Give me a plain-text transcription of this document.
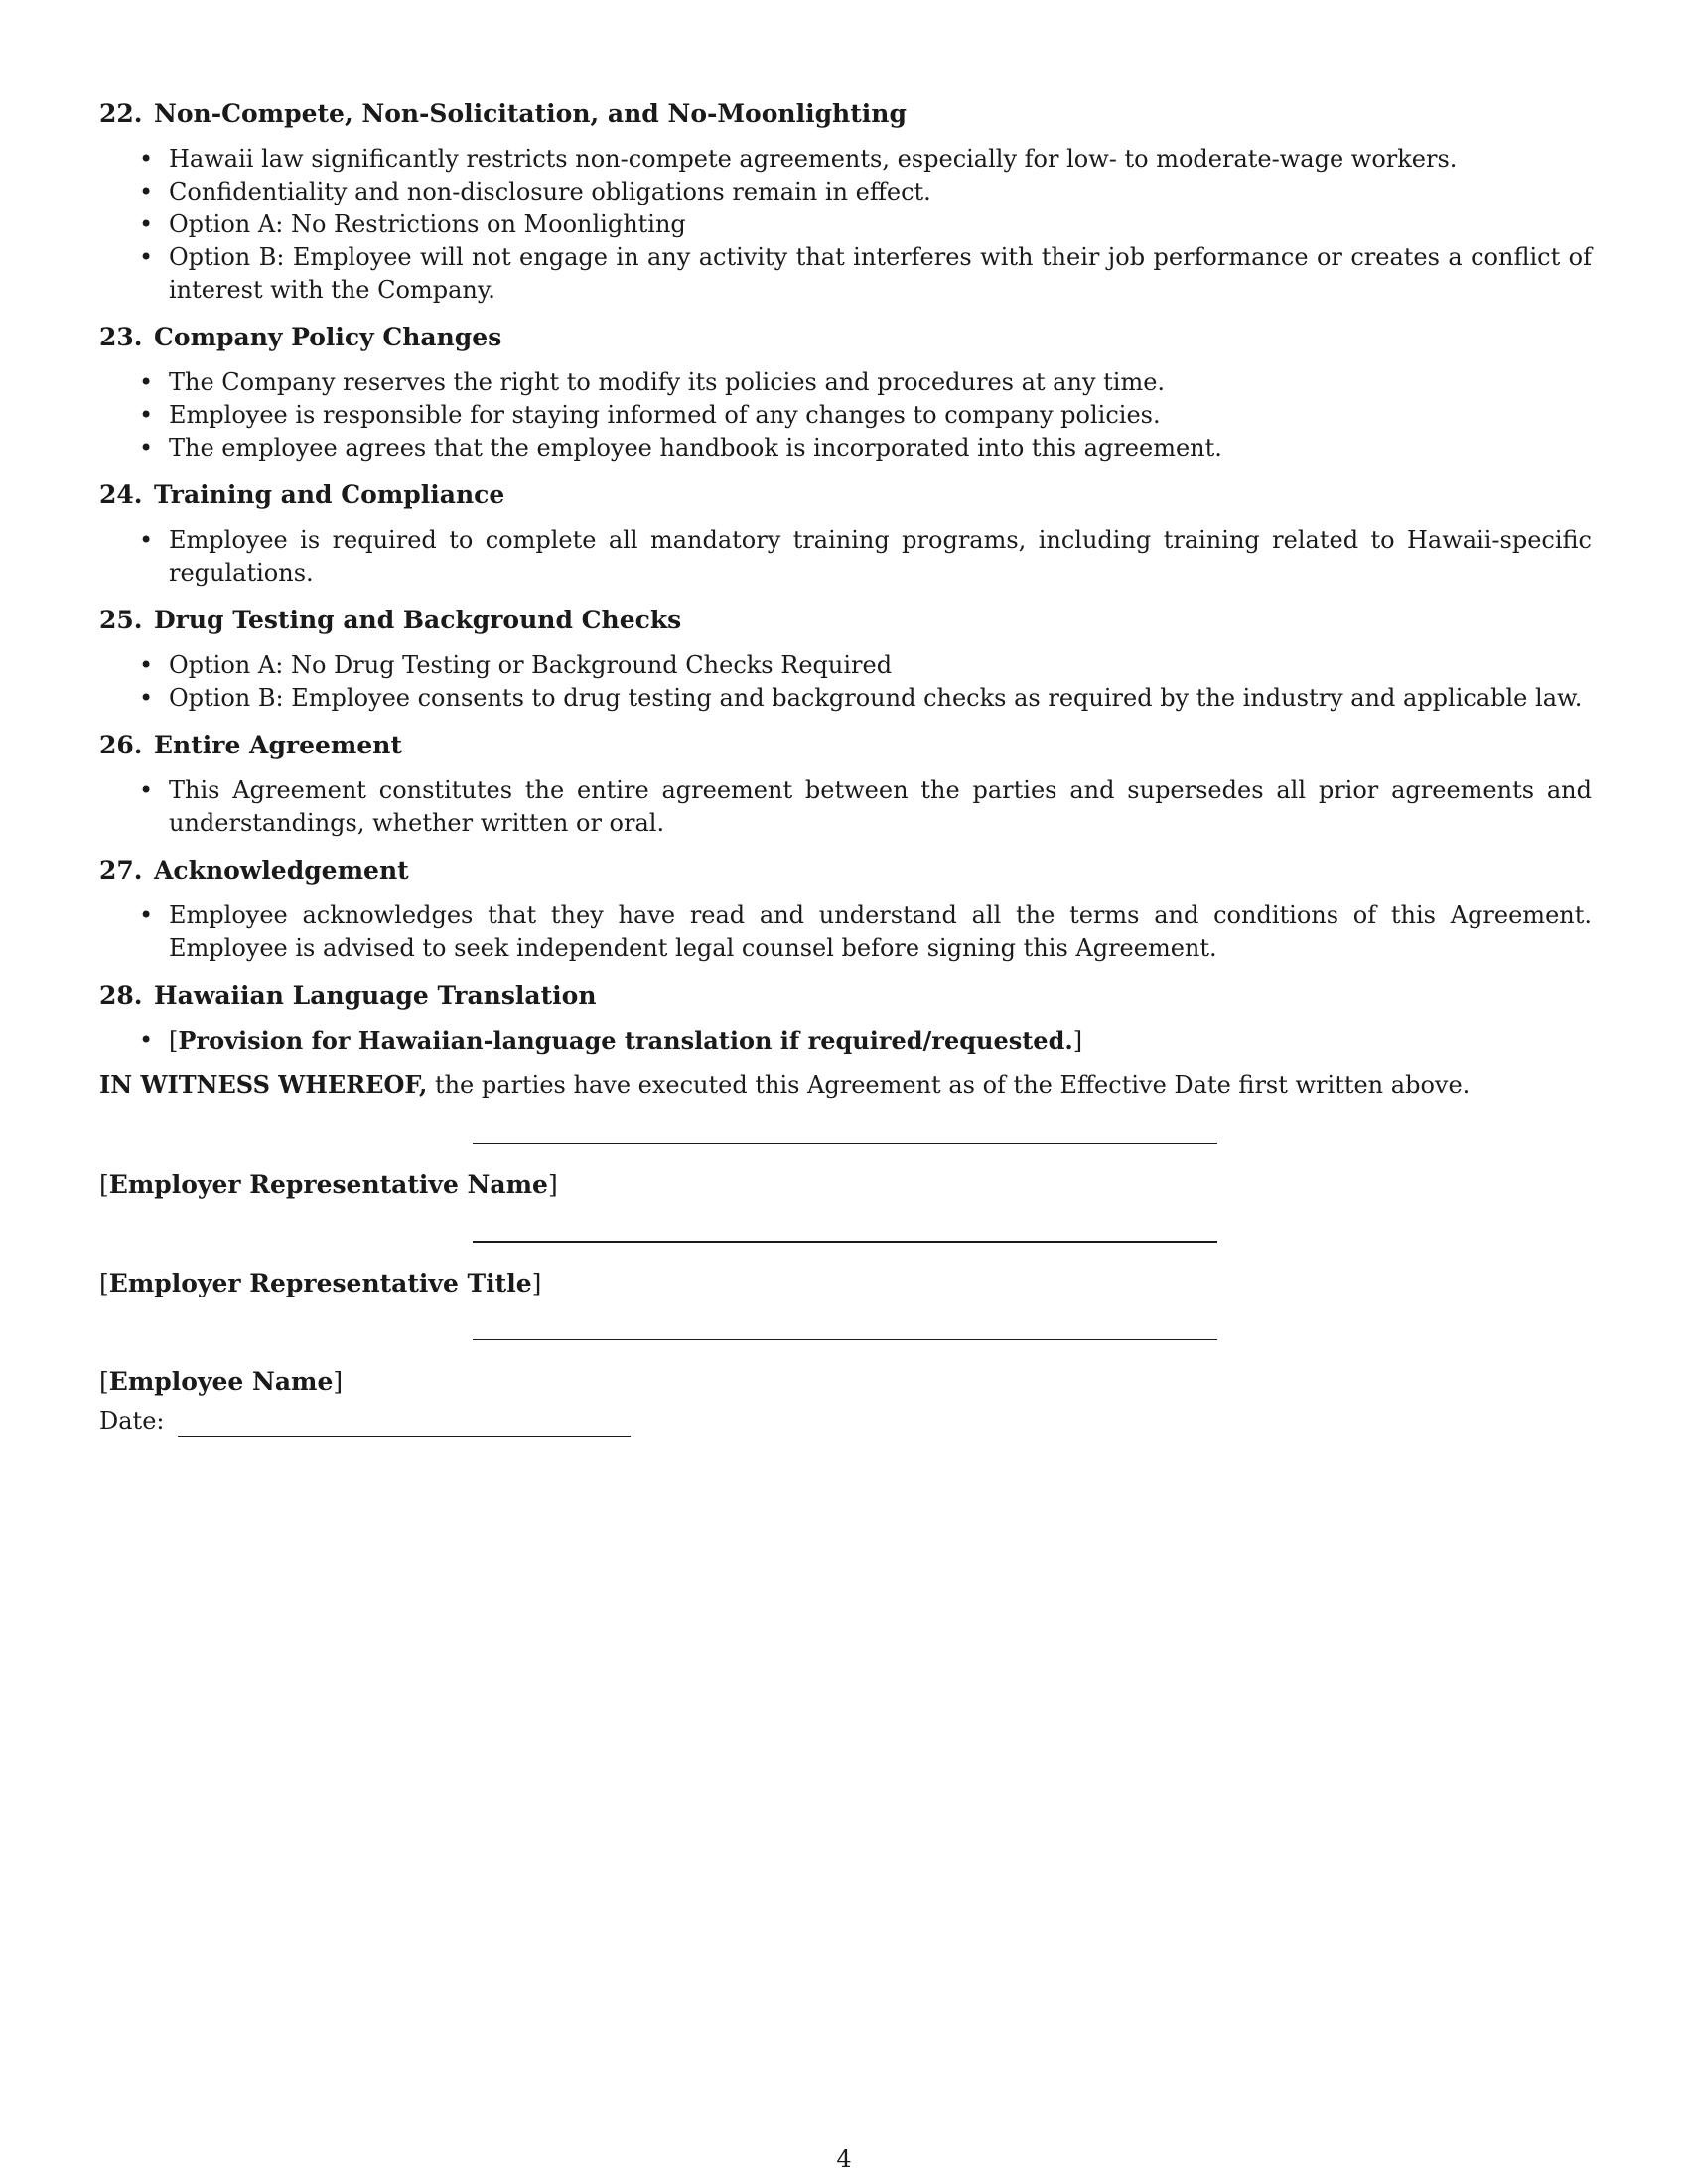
22. Non-Compete, Non-Solicitation, and No-Moonlighting
• Hawaii law significantly restricts non-compete agreements, especially for low- to moderate-wage workers.
• Confidentiality and non-disclosure obligations remain in effect.
• Option A: No Restrictions on Moonlighting
• Option B: Employee will not engage in any activity that interferes with their job performance or creates a conflict of interest with the Company.
23. Company Policy Changes
• The Company reserves the right to modify its policies and procedures at any time.
• Employee is responsible for staying informed of any changes to company policies.
• The employee agrees that the employee handbook is incorporated into this agreement.
24. Training and Compliance
• Employee is required to complete all mandatory training programs, including training related to Hawaii-specific regulations.
25. Drug Testing and Background Checks
• Option A: No Drug Testing or Background Checks Required
• Option B: Employee consents to drug testing and background checks as required by the industry and applicable law.
26. Entire Agreement
• This Agreement constitutes the entire agreement between the parties and supersedes all prior agreements and understandings, whether written or oral.
27. Acknowledgement
• Employee acknowledges that they have read and understand all the terms and conditions of this Agreement. Employee is advised to seek independent legal counsel before signing this Agreement.
28. Hawaiian Language Translation
• [Provision for Hawaiian-language translation if required/requested.]

IN WITNESS WHEREOF, the parties have executed this Agreement as of the Effective Date first written above.

[Employer Representative Name]
[Employer Representative Title]
[Employee Name]
Date:
4
